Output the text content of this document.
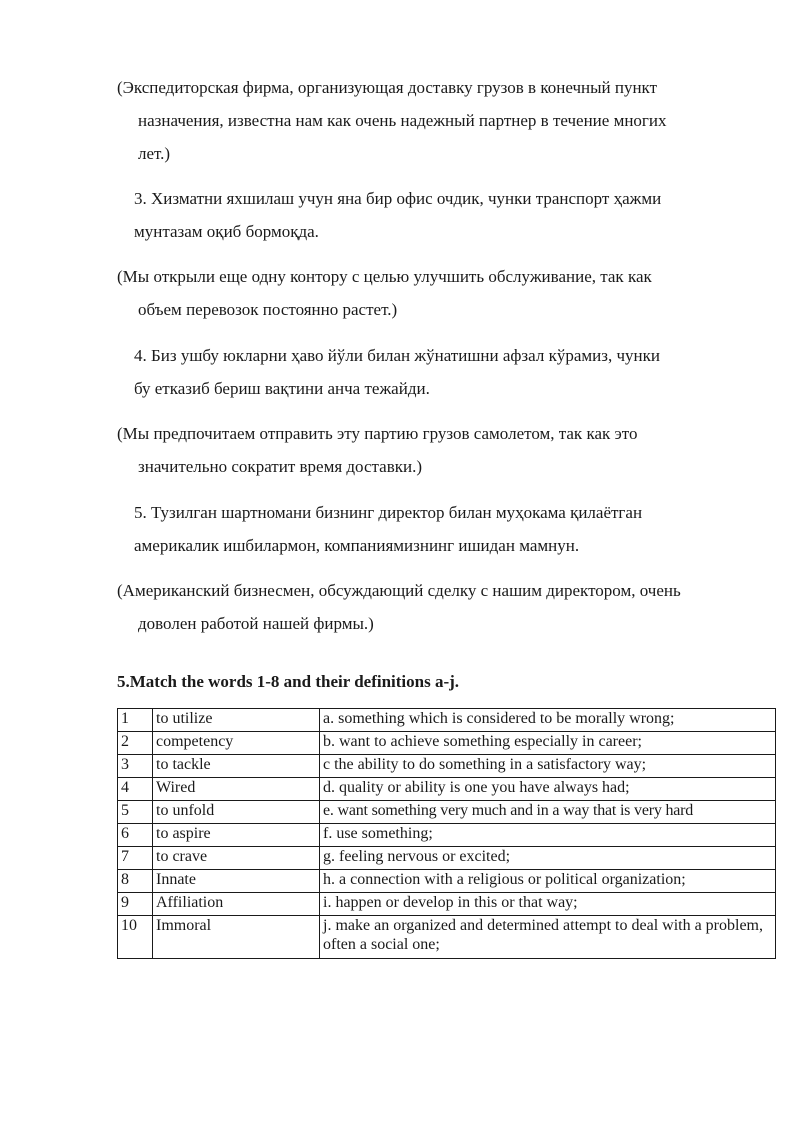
(Экспедиторская фирма, организующая доставку грузов в конечный пункт
назначения, известна нам как очень надежный партнер в течение многих
лет.)
3. Хизматни яхшилаш учун яна бир офис очдик, чунки транспорт ҳажми
мунтазам оқиб бормоқда.
(Мы открыли еще одну контору с целью улучшить обслуживание, так как
объем перевозок постоянно растет.)
4. Биз ушбу юкларни ҳаво йўли билан жўнатишни афзал кўрамиз, чунки
бу етказиб бериш вақтини анча тежайди.
(Мы предпочитаем отправить эту партию грузов самолетом, так как это
значительно сократит время доставки.)
5. Тузилган шартномани бизнинг директор билан муҳокама қилаётган
америкалик ишбилармон, компаниямизнинг ишидан мамнун.
(Американский бизнесмен, обсуждающий сделку с нашим директором, очень
доволен работой нашей фирмы.)
5.Match the words 1-8 and their definitions a-j.
1	to utilize	a. something which is considered to be morally wrong;
2	competency	b. want to achieve something especially in career;
3	to tackle	c the ability to do something in a satisfactory way;
4	Wired	d. quality or ability is one you have always had;
5	to unfold	e. want something very much and in a way that is very hard
6	to aspire	f. use something;
7	to crave	g. feeling nervous or excited;
8	Innate	h. a connection with a religious or political organization;
9	Affiliation	i. happen or develop in this or that way;
10	Immoral	j. make an organized and determined attempt to deal with a problem, often a social one;
